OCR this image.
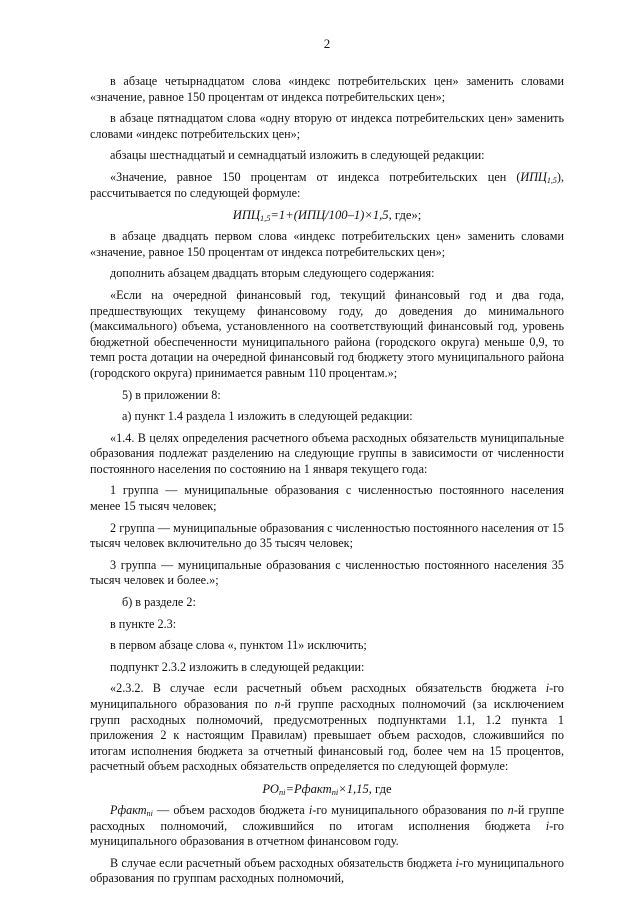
2

в абзаце четырнадцатом слова «индекс потребительских цен» заменить словами «значение, равное 150 процентам от индекса потребительских цен»;

в абзаце пятнадцатом слова «одну вторую от индекса потребительских цен» заменить словами «индекс потребительских цен»;

абзацы шестнадцатый и семнадцатый изложить в следующей редакции:

«Значение, равное 150 процентам от индекса потребительских цен $(ИПЦ_{1,5})$, рассчитывается по следующей формуле:

$ИПЦ_{1,5}=1+(ИПЦ/100-1)\times 1,5$, где»;

в абзаце двадцать первом слова «индекс потребительских цен» заменить словами «значение, равное 150 процентам от индекса потребительских цен»;

дополнить абзацем двадцать вторым следующего содержания:

«Если на очередной финансовый год, текущий финансовый год и два года, предшествующих текущему финансовому году, до доведения до минимального (максимального) объема, установленного на соответствующий финансовый год, уровень бюджетной обеспеченности муниципального района (городского округа) меньше 0,9, то темп роста дотации на очередной финансовый год бюджету этого муниципального района (городского округа) принимается равным 110 процентам.»;

5) в приложении 8:

а) пункт 1.4 раздела 1 изложить в следующей редакции:

«1.4. В целях определения расчетного объема расходных обязательств муниципальные образования подлежат разделению на следующие группы в зависимости от численности постоянного населения по состоянию на 1 января текущего года:

1 группа — муниципальные образования с численностью постоянного населения менее 15 тысяч человек;

2 группа — муниципальные образования с численностью постоянного населения от 15 тысяч человек включительно до 35 тысяч человек;

3 группа — муниципальные образования с численностью постоянного населения 35 тысяч человек и более.»;

б) в разделе 2:

в пункте 2.3:

в первом абзаце слова «, пунктом 11» исключить;

подпункт 2.3.2 изложить в следующей редакции:

«2.3.2. В случае если расчетный объем расходных обязательств бюджета i-го муниципального образования по n-й группе расходных полномочий (за исключением групп расходных полномочий, предусмотренных подпунктами 1.1, 1.2 пункта 1 приложения 2 к настоящим Правилам) превышает объем расходов, сложившийся по итогам исполнения бюджета за отчетный финансовый год, более чем на 15 процентов, расчетный объем расходных обязательств определяется по следующей формуле:

$РО_{ni}=Рфакт_{ni}\times 1,15$, где

Рфакт$_{ni}$ — объем расходов бюджета i-го муниципального образования по n-й группе расходных полномочий, сложившийся по итогам исполнения бюджета i-го муниципального образования в отчетном финансовом году.

В случае если расчетный объем расходных обязательств бюджета i-го муниципального образования по группам расходных полномочий,
